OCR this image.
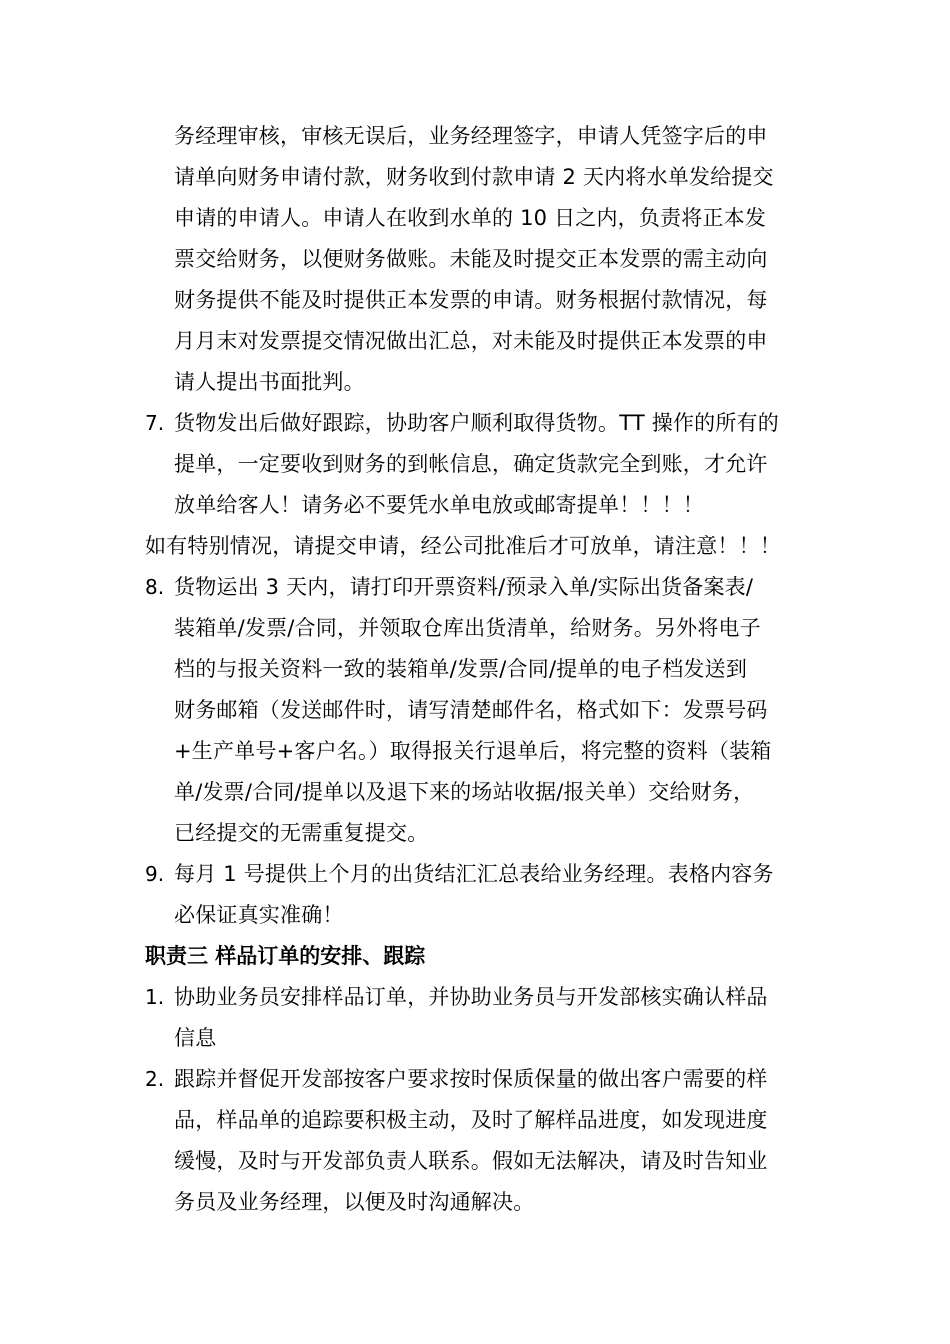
务经理审核，审核无误后，业务经理签字，申请人凭签字后的申
请单向财务申请付款，财务收到付款申请 2 天内将水单发给提交
申请的申请人。申请人在收到水单的 10 日之内，负责将正本发
票交给财务，以便财务做账。未能及时提交正本发票的需主动向
财务提供不能及时提供正本发票的申请。财务根据付款情况，每
月月末对发票提交情况做出汇总，对未能及时提供正本发票的申
请人提出书面批判。
7. 货物发出后做好跟踪，协助客户顺利取得货物。TT 操作的所有的
提单，一定要收到财务的到帐信息，确定货款完全到账，才允许
放单给客人！请务必不要凭水单电放或邮寄提单！！！！
如有特别情况，请提交申请，经公司批准后才可放单，请注意！！！
8. 货物运出 3 天内，请打印开票资料/预录入单/实际出货备案表/
装箱单/发票/合同，并领取仓库出货清单，给财务。另外将电子
档的与报关资料一致的装箱单/发票/合同/提单的电子档发送到
财务邮箱（发送邮件时，请写清楚邮件名，格式如下：发票号码
+生产单号+客户名。）取得报关行退单后，将完整的资料（装箱
单/发票/合同/提单以及退下来的场站收据/报关单）交给财务，
已经提交的无需重复提交。
9. 每月 1 号提供上个月的出货结汇汇总表给业务经理。表格内容务
必保证真实准确！
职责三 样品订单的安排、跟踪
1. 协助业务员安排样品订单，并协助业务员与开发部核实确认样品
信息
2. 跟踪并督促开发部按客户要求按时保质保量的做出客户需要的样
品，样品单的追踪要积极主动，及时了解样品进度，如发现进度
缓慢，及时与开发部负责人联系。假如无法解决，请及时告知业
务员及业务经理，以便及时沟通解决。
